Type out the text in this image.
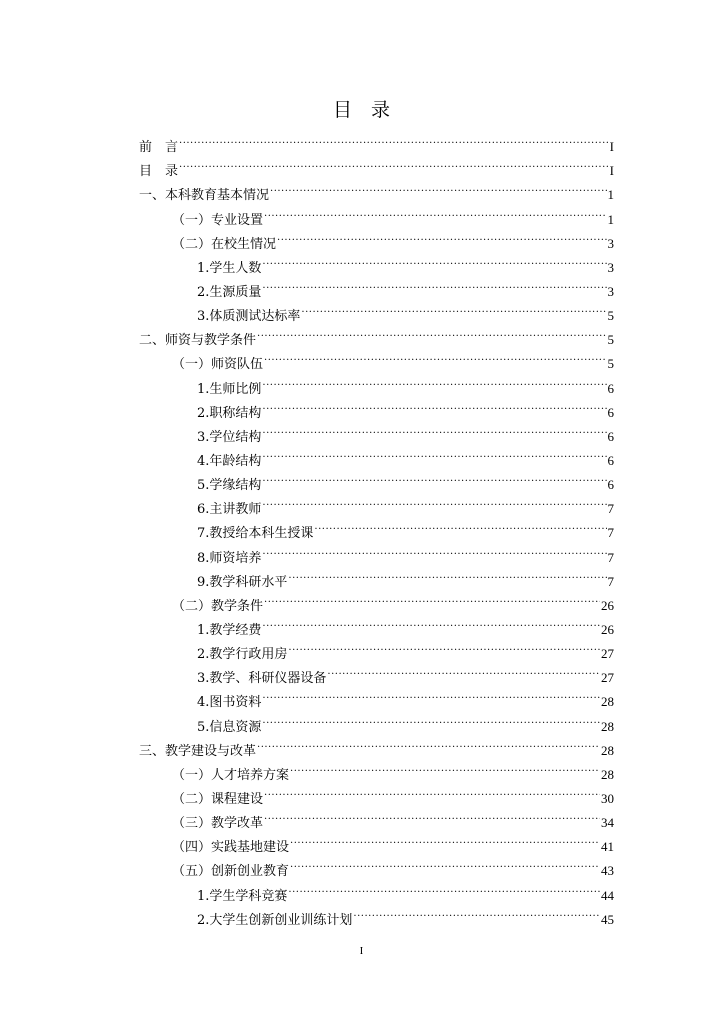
目　录
前　言 .....	I
目　录 .....	I
一、本科教育基本情况 .....	1
（一）专业设置 .....	1
（二）在校生情况 .....	3
1.学生人数 .....	3
2.生源质量 .....	3
3.体质测试达标率 .....	5
二、师资与教学条件 .....	5
（一）师资队伍 .....	5
1.生师比例 .....	6
2.职称结构 .....	6
3.学位结构 .....	6
4.年龄结构 .....	6
5.学缘结构 .....	6
6.主讲教师 .....	7
7.教授给本科生授课 .....	7
8.师资培养 .....	7
9.教学科研水平 .....	7
（二）教学条件 .....	26
1.教学经费 .....	26
2.教学行政用房 .....	27
3.教学、科研仪器设备 .....	27
4.图书资料 .....	28
5.信息资源 .....	28
三、教学建设与改革 .....	28
（一）人才培养方案 .....	28
（二）课程建设 .....	30
（三）教学改革 .....	34
（四）实践基地建设 .....	41
（五）创新创业教育 .....	43
1.学生学科竞赛 .....	44
2.大学生创新创业训练计划 .....	45
I
